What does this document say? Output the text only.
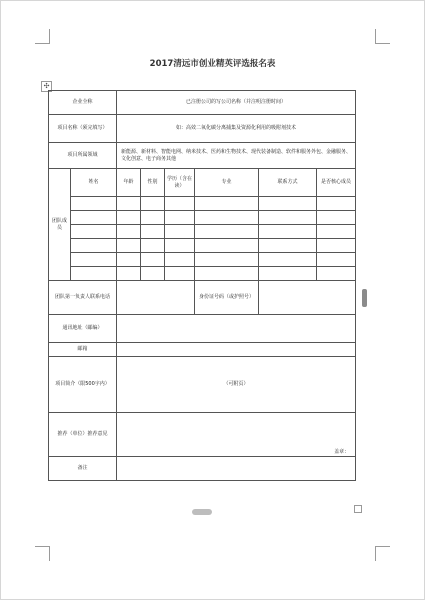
2017清远市创业精英评选报名表
✣
企业全称		已注册公司的写公司名称（并注明注册时间）					
项目名称（须完填写）		如：高效二氧化碳分离捕集及资源化利用的吸附剂技术					
项目所属领域		新能源、新材料、智能电网、纳米技术、医药和生物技术、现代装备制造、软件和服务外包、金融服务、文化创意、电子商务其他					
团队成员	姓名	年龄	性别	学历（含在读）	专业	联系方式	是否核心成员

团队第一负责人联系电话					身份证号码（或护照号）		
通讯地址（邮编）							
邮箱							
项目简介（限500字内）		（可附页）					
推荐（单位）推荐意见		盖章：					
备注							
